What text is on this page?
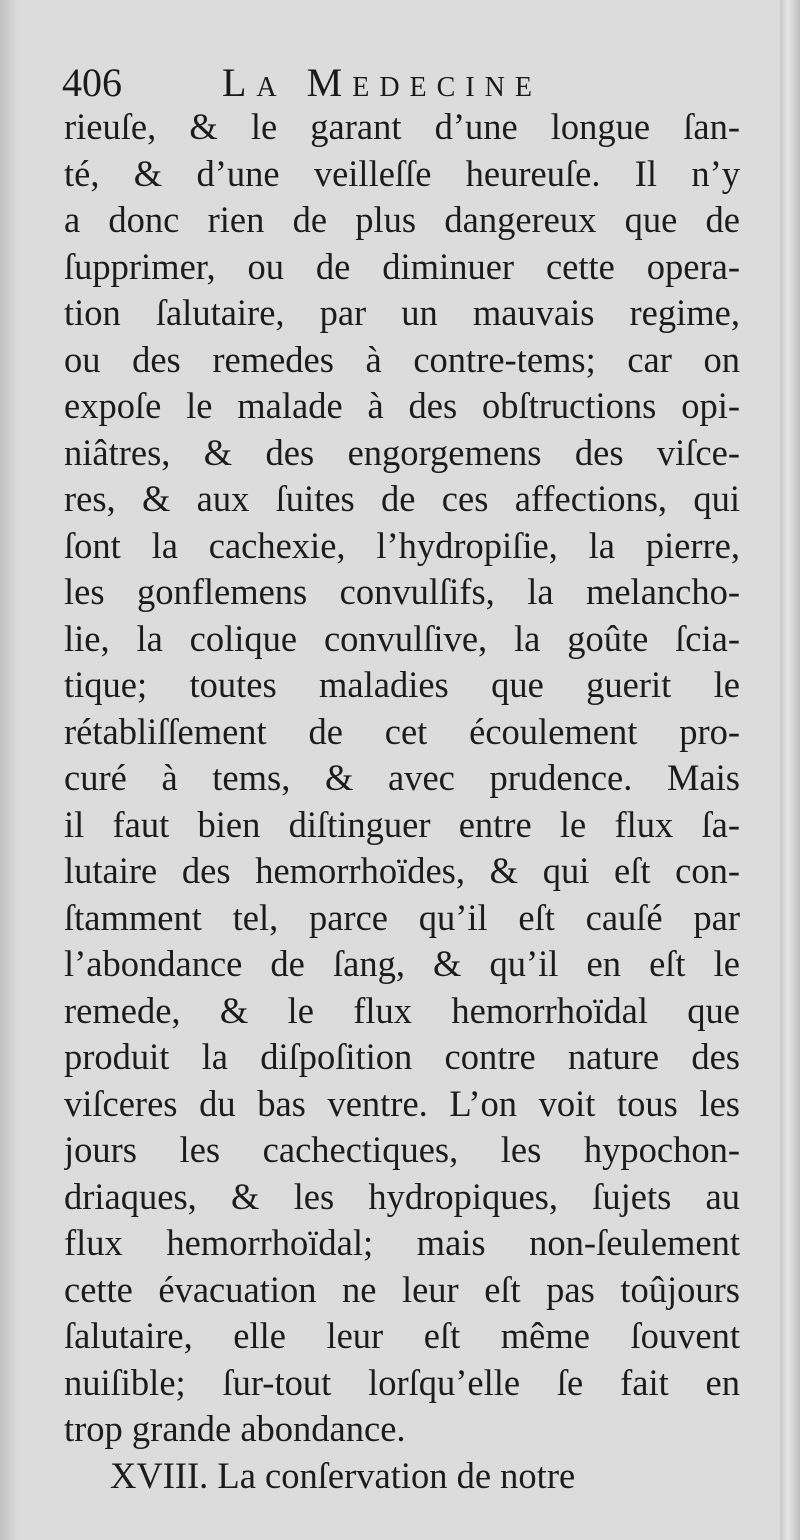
406	La Medecine
rieuſe, & le garant d’une longue ſan-
té, & d’une veilleſſe heureuſe. Il n’y
a donc rien de plus dangereux que de
ſupprimer, ou de diminuer cette opera-
tion ſalutaire, par un mauvais regime,
ou des remedes à contre-tems; car on
expoſe le malade à des obſtructions opi-
niâtres, & des engorgemens des viſce-
res, & aux ſuites de ces affections, qui
ſont la cachexie, l’hydropiſie, la pierre,
les gonflemens convulſifs, la melancho-
lie, la colique convulſive, la goûte ſcia-
tique; toutes maladies que guerit le
rétabliſſement de cet écoulement pro-
curé à tems, & avec prudence. Mais
il faut bien diſtinguer entre le flux ſa-
lutaire des hemorrhoïdes, & qui eſt con-
ſtamment tel, parce qu’il eſt cauſé par
l’abondance de ſang, & qu’il en eſt le
remede, & le flux hemorrhoïdal que
produit la diſpoſition contre nature des
viſceres du bas ventre. L’on voit tous les
jours les cachectiques, les hypochon-
driaques, & les hydropiques, ſujets au
flux hemorrhoïdal; mais non-ſeulement
cette évacuation ne leur eſt pas toûjours
ſalutaire, elle leur eſt même ſouvent
nuiſible; ſur-tout lorſqu’elle ſe fait en
trop grande abondance.
XVIII. La conſervation de notre
